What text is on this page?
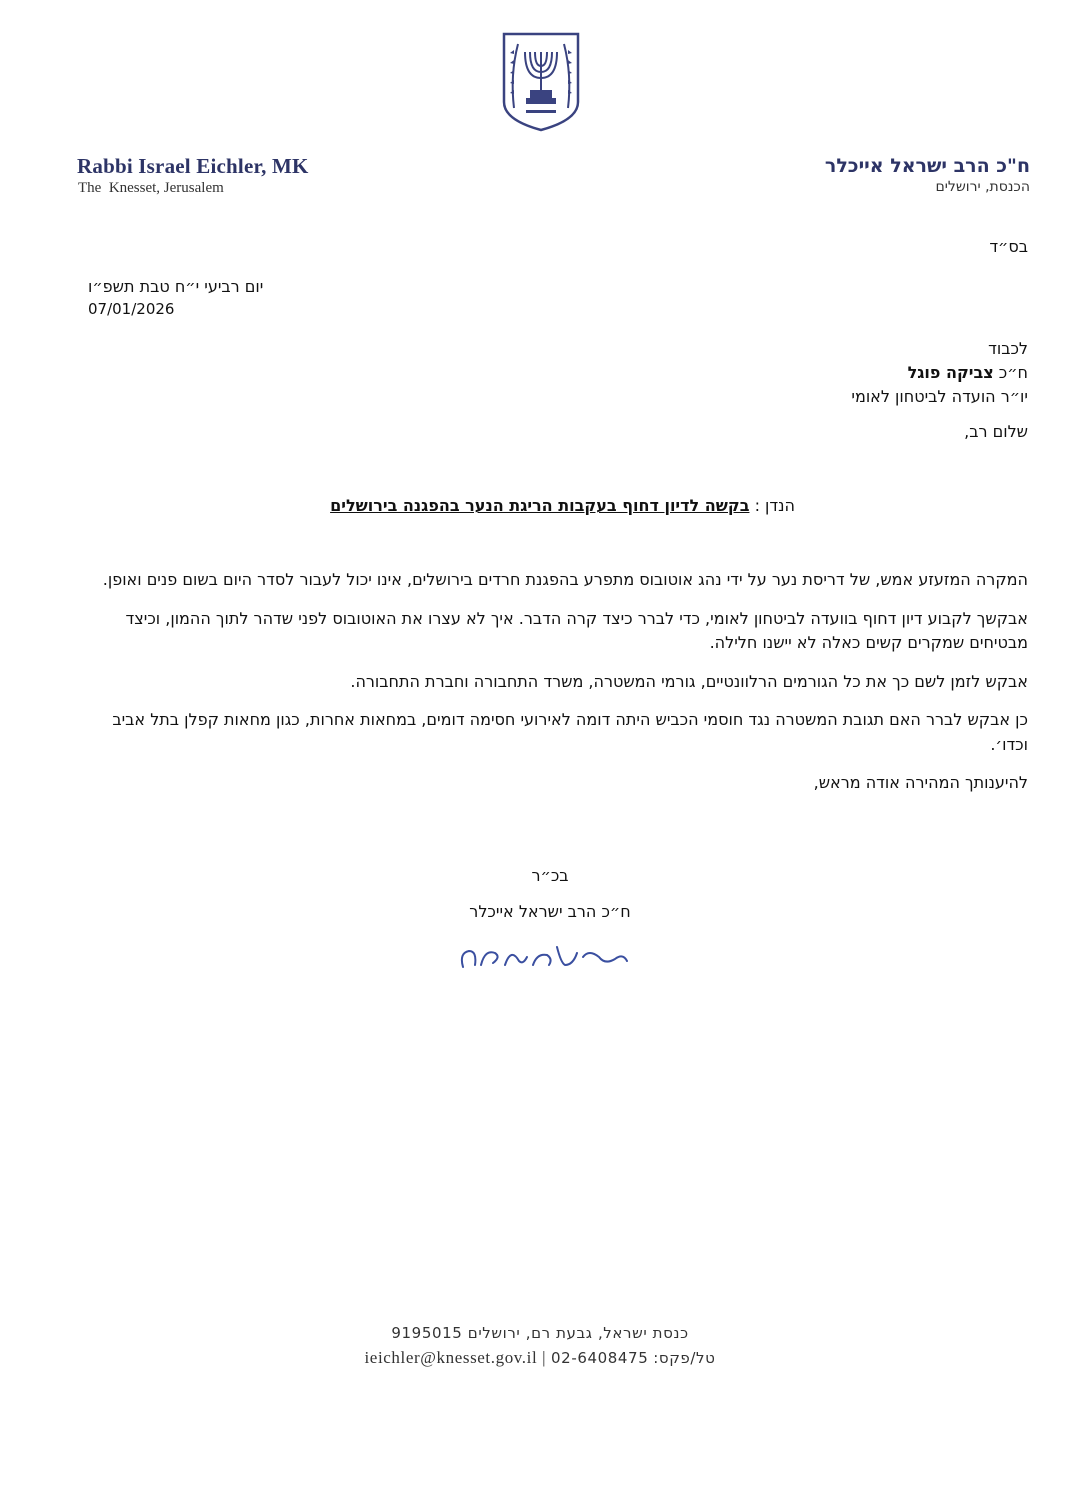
Rabbi Israel Eichler, MK
The  Knesset, Jerusalem
ח"כ הרב ישראל אייכלר
הכנסת, ירושלים
בס״ד
יום רביעי י״ח טבת תשפ״ו
07/01/2026
לכבוד
ח״כ צביקה פוגל
יו״ר הועדה לביטחון לאומי
שלום רב,
הנדן : בקשה לדיון דחוף בעקבות הריגת הנער בהפגנה בירושלים

המקרה המזעזע אמש, של דריסת נער על ידי נהג אוטובוס מתפרע בהפגנת חרדים בירושלים, אינו יכול לעבור לסדר היום בשום פנים ואופן.

אבקשך לקבוע דיון דחוף בוועדה לביטחון לאומי, כדי לברר כיצד קרה הדבר. איך לא עצרו את האוטובוס לפני שדהר לתוך ההמון, וכיצד מבטיחים שמקרים קשים כאלה לא יישנו חלילה.

אבקש לזמן לשם כך את כל הגורמים הרלוונטיים, גורמי המשטרה, משרד התחבורה וחברת התחבורה.

כן אבקש לברר האם תגובת המשטרה נגד חוסמי הכביש היתה דומה לאירועי חסימה דומים, במחאות אחרות, כגון מחאות קפלן בתל אביב וכדו׳.

להיענותך המהירה אודה מראש,

בכ״ר
ח״כ הרב ישראל אייכלר
כנסת ישראל, גבעת רם, ירושלים 9195015
ieichler@knesset.gov.il | 02-6408475 טל/פקס:
